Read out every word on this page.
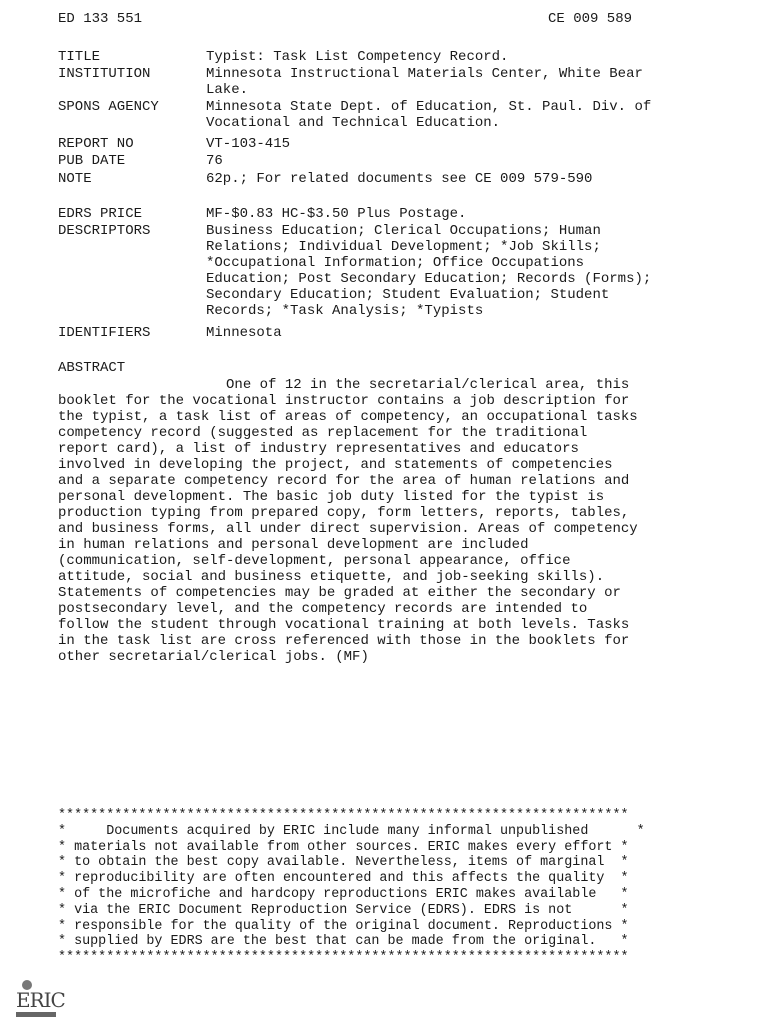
ED 133 551	CE 009 589
TITLE	Typist: Task List Competency Record.
INSTITUTION	Minnesota Instructional Materials Center, White Bear
Lake.
SPONS AGENCY	Minnesota State Dept. of Education, St. Paul. Div. of
Vocational and Technical Education.
REPORT NO	VT-103-415
PUB DATE	76
NOTE	62p.; For related documents see CE 009 579-590
EDRS PRICE	MF-$0.83 HC-$3.50 Plus Postage.
DESCRIPTORS	Business Education; Clerical Occupations; Human
Relations; Individual Development; *Job Skills;
*Occupational Information; Office Occupations
Education; Post Secondary Education; Records (Forms);
Secondary Education; Student Evaluation; Student
Records; *Task Analysis; *Typists
IDENTIFIERS	Minnesota
ABSTRACT
One of 12 in the secretarial/clerical area, this
booklet for the vocational instructor contains a job description for
the typist, a task list of areas of competency, an occupational tasks
competency record (suggested as replacement for the traditional
report card), a list of industry representatives and educators
involved in developing the project, and statements of competencies
and a separate competency record for the area of human relations and
personal development. The basic job duty listed for the typist is
production typing from prepared copy, form letters, reports, tables,
and business forms, all under direct supervision. Areas of competency
in human relations and personal development are included
(communication, self-development, personal appearance, office
attitude, social and business etiquette, and job-seeking skills).
Statements of competencies may be graded at either the secondary or
postsecondary level, and the competency records are intended to
follow the student through vocational training at both levels. Tasks
in the task list are cross referenced with those in the booklets for
other secretarial/clerical jobs. (MF)
***********************************************************************
*     Documents acquired by ERIC include many informal unpublished      *
* materials not available from other sources. ERIC makes every effort *
* to obtain the best copy available. Nevertheless, items of marginal  *
* reproducibility are often encountered and this affects the quality  *
* of the microfiche and hardcopy reproductions ERIC makes available   *
* via the ERIC Document Reproduction Service (EDRS). EDRS is not      *
* responsible for the quality of the original document. Reproductions *
* supplied by EDRS are the best that can be made from the original.   *
***********************************************************************
ERIC
